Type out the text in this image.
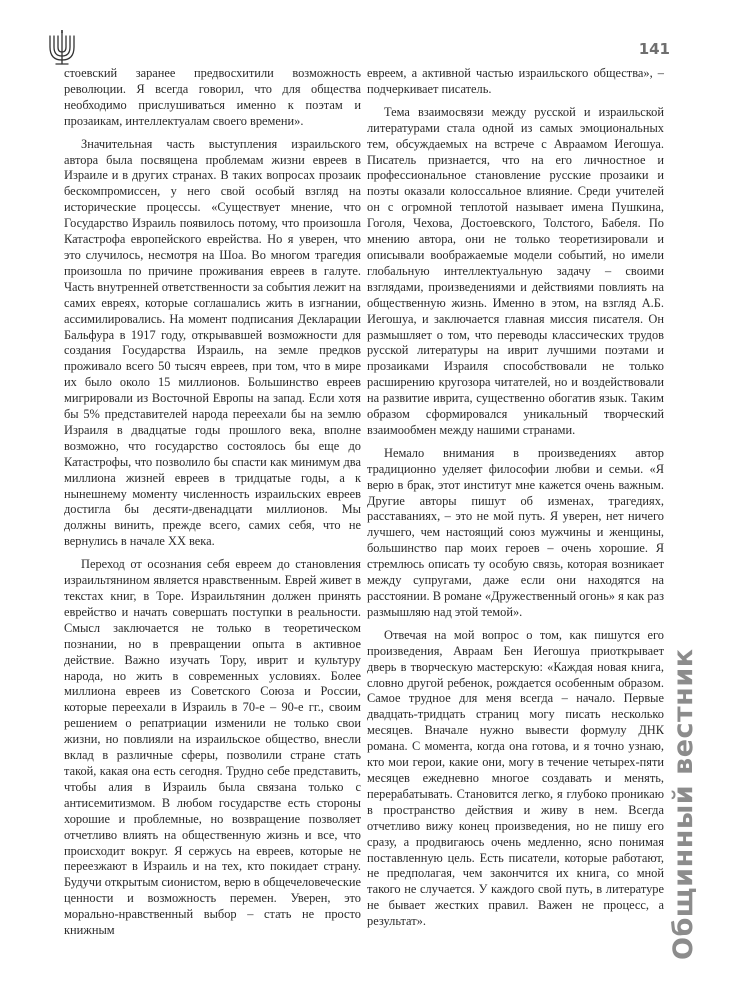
141

стоевский заранее предвосхитили возможность революции. Я всегда говорил, что для общества необходимо прислушиваться именно к поэтам и прозаикам, интеллектуалам своего времени».

Значительная часть выступления израильского автора была посвящена проблемам жизни евреев в Израиле и в других странах. В таких вопросах прозаик бескомпромиссен, у него свой особый взгляд на исторические процессы. «Существует мнение, что Государство Израиль появилось потому, что произошла Катастрофа европейского еврейства. Но я уверен, что это случилось, несмотря на Шоа. Во многом трагедия произошла по причине проживания евреев в галуте. Часть внутренней ответственности за события лежит на самих евреях, которые соглашались жить в изгнании, ассимилировались. На момент подписания Декларации Бальфура в 1917 году, открывавшей возможности для создания Государства Израиль, на земле предков проживало всего 50 тысяч евреев, при том, что в мире их было около 15 миллионов. Большинство евреев мигрировали из Восточной Европы на запад. Если хотя бы 5% представителей народа переехали бы на землю Израиля в двадцатые годы прошлого века, вполне возможно, что государство состоялось бы еще до Катастрофы, что позволило бы спасти как минимум два миллиона жизней евреев в тридцатые годы, а к нынешнему моменту численность израильских евреев достигла бы десяти-двенадцати миллионов. Мы должны винить, прежде всего, самих себя, что не вернулись в начале XX века.

Переход от осознания себя евреем до становления израильтянином является нравственным. Еврей живет в текстах книг, в Торе. Израильтянин должен принять еврейство и начать совершать поступки в реальности. Смысл заключается не только в теоретическом познании, но в превращении опыта в активное действие. Важно изучать Тору, иврит и культуру народа, но жить в современных условиях. Более миллиона евреев из Советского Союза и России, которые переехали в Израиль в 70-е – 90-е гг., своим решением о репатриации изменили не только свои жизни, но повлияли на израильское общество, внесли вклад в различные сферы, позволили стране стать такой, какая она есть сегодня. Трудно себе представить, чтобы алия в Израиль была связана только с антисемитизмом. В любом государстве есть стороны хорошие и проблемные, но возвращение позволяет отчетливо влиять на общественную жизнь и все, что происходит вокруг. Я сержусь на евреев, которые не переезжают в Израиль и на тех, кто покидает страну. Будучи открытым сионистом, верю в общечеловеческие ценности и возможность перемен. Уверен, это морально-нравственный выбор – стать не просто книжным

евреем, а активной частью израильского общества», – подчеркивает писатель.

Тема взаимосвязи между русской и израильской литературами стала одной из самых эмоциональных тем, обсуждаемых на встрече с Авраамом Иегошуа. Писатель признается, что на его личностное и профессиональное становление русские прозаики и поэты оказали колоссальное влияние. Среди учителей он с огромной теплотой называет имена Пушкина, Гоголя, Чехова, Достоевского, Толстого, Бабеля. По мнению автора, они не только теоретизировали и описывали воображаемые модели событий, но имели глобальную интеллектуальную задачу – своими взглядами, произведениями и действиями повлиять на общественную жизнь. Именно в этом, на взгляд А.Б. Иегошуа, и заключается главная миссия писателя. Он размышляет о том, что переводы классических трудов русской литературы на иврит лучшими поэтами и прозаиками Израиля способствовали не только расширению кругозора читателей, но и воздействовали на развитие иврита, существенно обогатив язык. Таким образом сформировался уникальный творческий взаимообмен между нашими странами.

Немало внимания в произведениях автор традиционно уделяет философии любви и семьи. «Я верю в брак, этот институт мне кажется очень важным. Другие авторы пишут об изменах, трагедиях, расставаниях, – это не мой путь. Я уверен, нет ничего лучшего, чем настоящий союз мужчины и женщины, большинство пар моих героев – очень хорошие. Я стремлюсь описать ту особую связь, которая возникает между супругами, даже если они находятся на расстоянии. В романе «Дружественный огонь» я как раз размышляю над этой темой».

Отвечая на мой вопрос о том, как пишутся его произведения, Авраам Бен Иегошуа приоткрывает дверь в творческую мастерскую: «Каждая новая книга, словно другой ребенок, рождается особенным образом. Самое трудное для меня всегда – начало. Первые двадцать-тридцать страниц могу писать несколько месяцев. Вначале нужно вывести формулу ДНК романа. С момента, когда она готова, и я точно узнаю, кто мои герои, какие они, могу в течение четырех-пяти месяцев ежедневно многое создавать и менять, перерабатывать. Становится легко, я глубоко проникаю в пространство действия и живу в нем. Всегда отчетливо вижу конец произведения, но не пишу его сразу, а продвигаюсь очень медленно, ясно понимая поставленную цель. Есть писатели, которые работают, не предполагая, чем закончится их книга, со мной такого не случается. У каждого свой путь, в литературе не бывает жестких правил. Важен не процесс, а результат».	Общинный вестник
